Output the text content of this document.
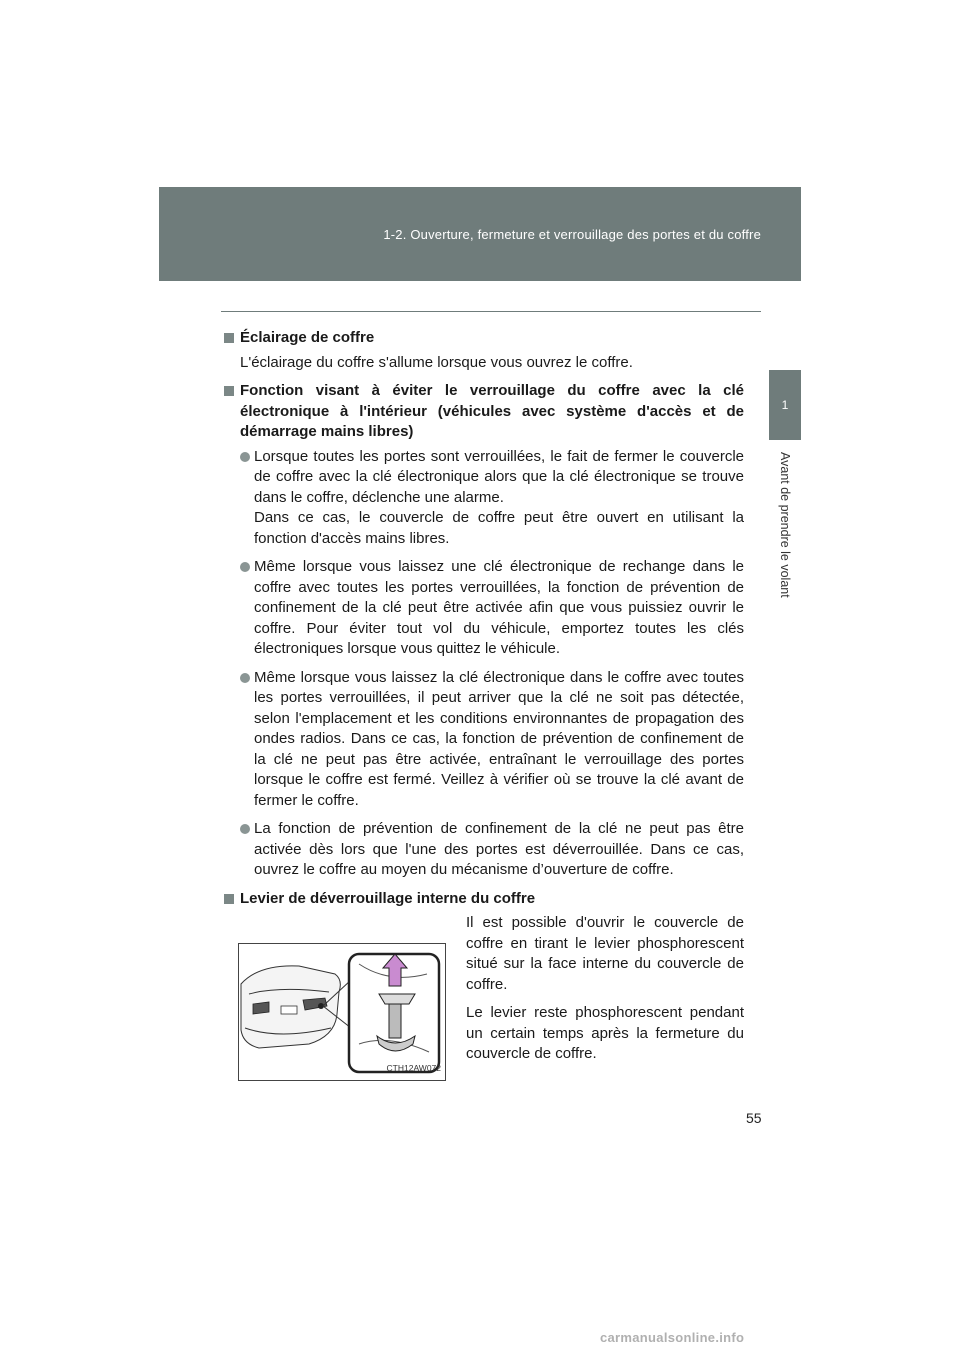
1-2. Ouverture, fermeture et verrouillage des portes et du coffre
1
Avant de prendre le volant
Éclairage de coffre
L'éclairage du coffre s'allume lorsque vous ouvrez le coffre.
Fonction visant à éviter le verrouillage du coffre avec la clé électronique à l'intérieur (véhicules avec système d'accès et de démarrage mains libres)

Lorsque toutes les portes sont verrouillées, le fait de fermer le couvercle de coffre avec la clé électronique alors que la clé électronique se trouve dans le coffre, déclenche une alarme.

Dans ce cas, le couvercle de coffre peut être ouvert en utilisant la fonction d'accès mains libres.

Même lorsque vous laissez une clé électronique de rechange dans le coffre avec toutes les portes verrouillées, la fonction de prévention de confinement de la clé peut être activée afin que vous puissiez ouvrir le coffre. Pour éviter tout vol du véhicule, emportez toutes les clés électroniques lorsque vous quittez le véhicule.

Même lorsque vous laissez la clé électronique dans le coffre avec toutes les portes verrouillées, il peut arriver que la clé ne soit pas détectée, selon l'emplacement et les conditions environnantes de propagation des ondes radios. Dans ce cas, la fonction de prévention de confinement de la clé ne peut pas être activée, entraînant le verrouillage des portes lorsque le coffre est fermé. Veillez à vérifier où se trouve la clé avant de fermer le coffre.

La fonction de prévention de confinement de la clé ne peut pas être activée dès lors que l'une des portes est déverrouillée. Dans ce cas, ouvrez le coffre au moyen du mécanisme d’ouverture de coffre.

Levier de déverrouillage interne du coffre
CTH12AW072

Il est possible d'ouvrir le couvercle de coffre en tirant le levier phosphorescent situé sur la face interne du couvercle de coffre.

Le levier reste phosphorescent pendant un certain temps après la fermeture du couvercle de coffre.

55
carmanualsonline.info
